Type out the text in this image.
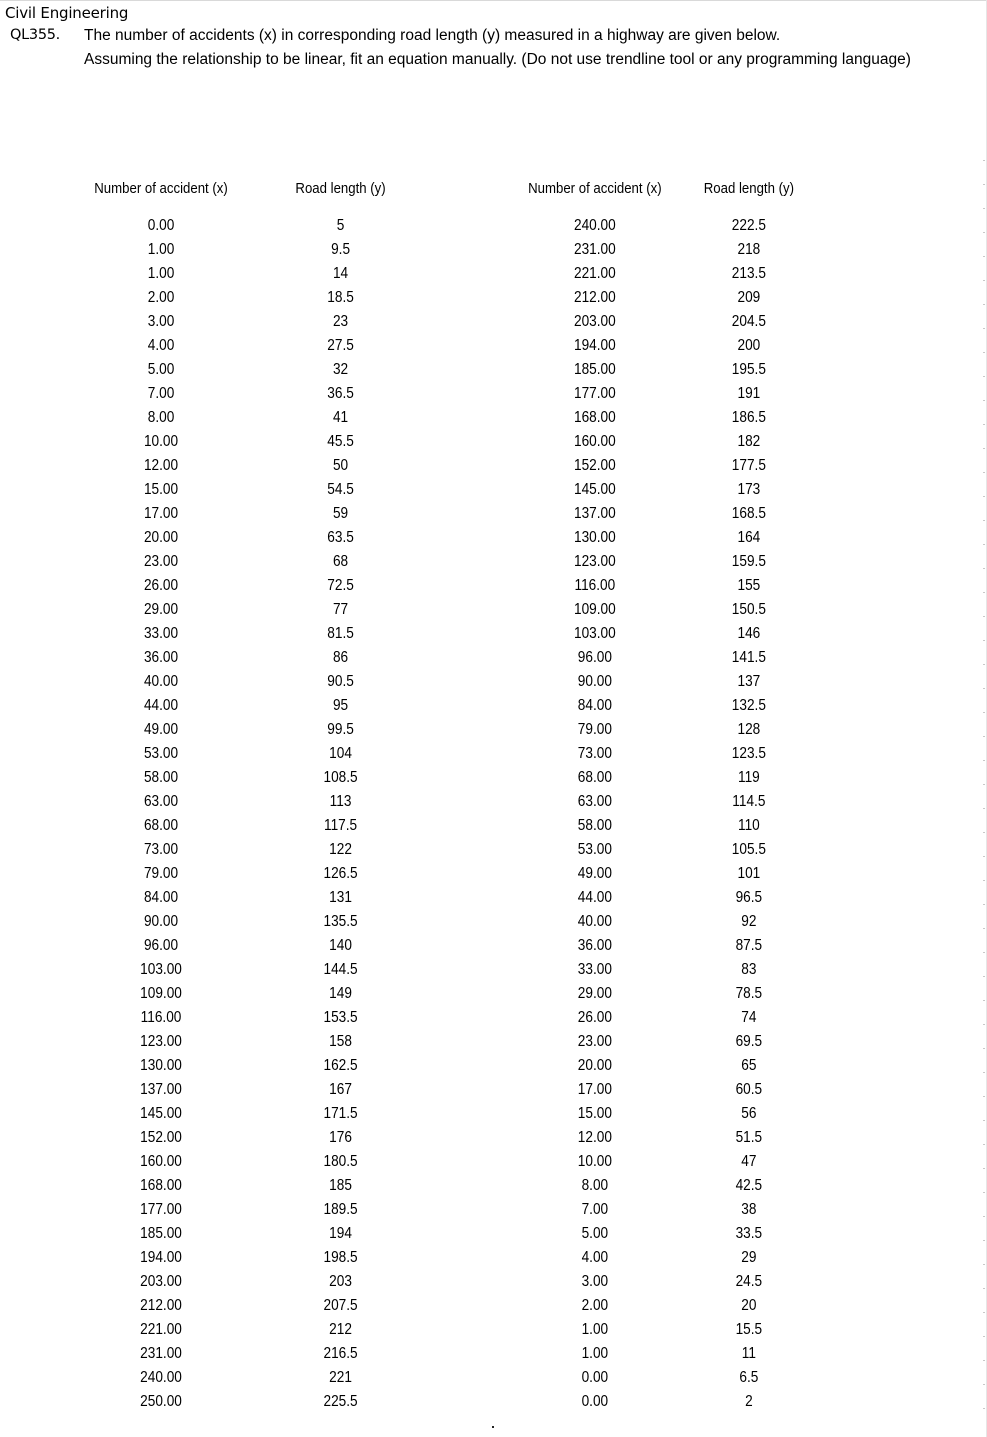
Civil Engineering
QL355. The number of accidents (x) in corresponding road length (y) measured in a highway are given below.
Assuming the relationship to be linear, fit an equation manually. (Do not use trendline tool or any programming language)
Number of accident (x)
0.00
1.00
1.00
2.00
3.00
4.00
5.00
7.00
8.00
10.00
12.00
15.00
17.00
20.00
23.00
26.00
29.00
33.00
36.00
40.00
44.00
49.00
53.00
58.00
63.00
68.00
73.00
79.00
84.00
90.00
96.00
103.00
109.00
116.00
123.00
130.00
137.00
145.00
152.00
160.00
168.00
177.00
185.00
194.00
203.00
212.00
221.00
231.00
240.00
250.00
Road length (y)
5
9.5
14
18.5
23
27.5
32
36.5
41
45.5
50
54.5
59
63.5
68
72.5
77
81.5
86
90.5
95
99.5
104
108.5
113
117.5
122
126.5
131
135.5
140
144.5
149
153.5
158
162.5
167
171.5
176
180.5
185
189.5
194
198.5
203
207.5
212
216.5
221
225.5
Number of accident (x)
240.00
231.00
221.00
212.00
203.00
194.00
185.00
177.00
168.00
160.00
152.00
145.00
137.00
130.00
123.00
116.00
109.00
103.00
96.00
90.00
84.00
79.00
73.00
68.00
63.00
58.00
53.00
49.00
44.00
40.00
36.00
33.00
29.00
26.00
23.00
20.00
17.00
15.00
12.00
10.00
8.00
7.00
5.00
4.00
3.00
2.00
1.00
1.00
0.00
0.00
Road length (y)
222.5
218
213.5
209
204.5
200
195.5
191
186.5
182
177.5
173
168.5
164
159.5
155
150.5
146
141.5
137
132.5
128
123.5
119
114.5
110
105.5
101
96.5
92
87.5
83
78.5
74
69.5
65
60.5
56
51.5
47
42.5
38
33.5
29
24.5
20
15.5
11
6.5
2
